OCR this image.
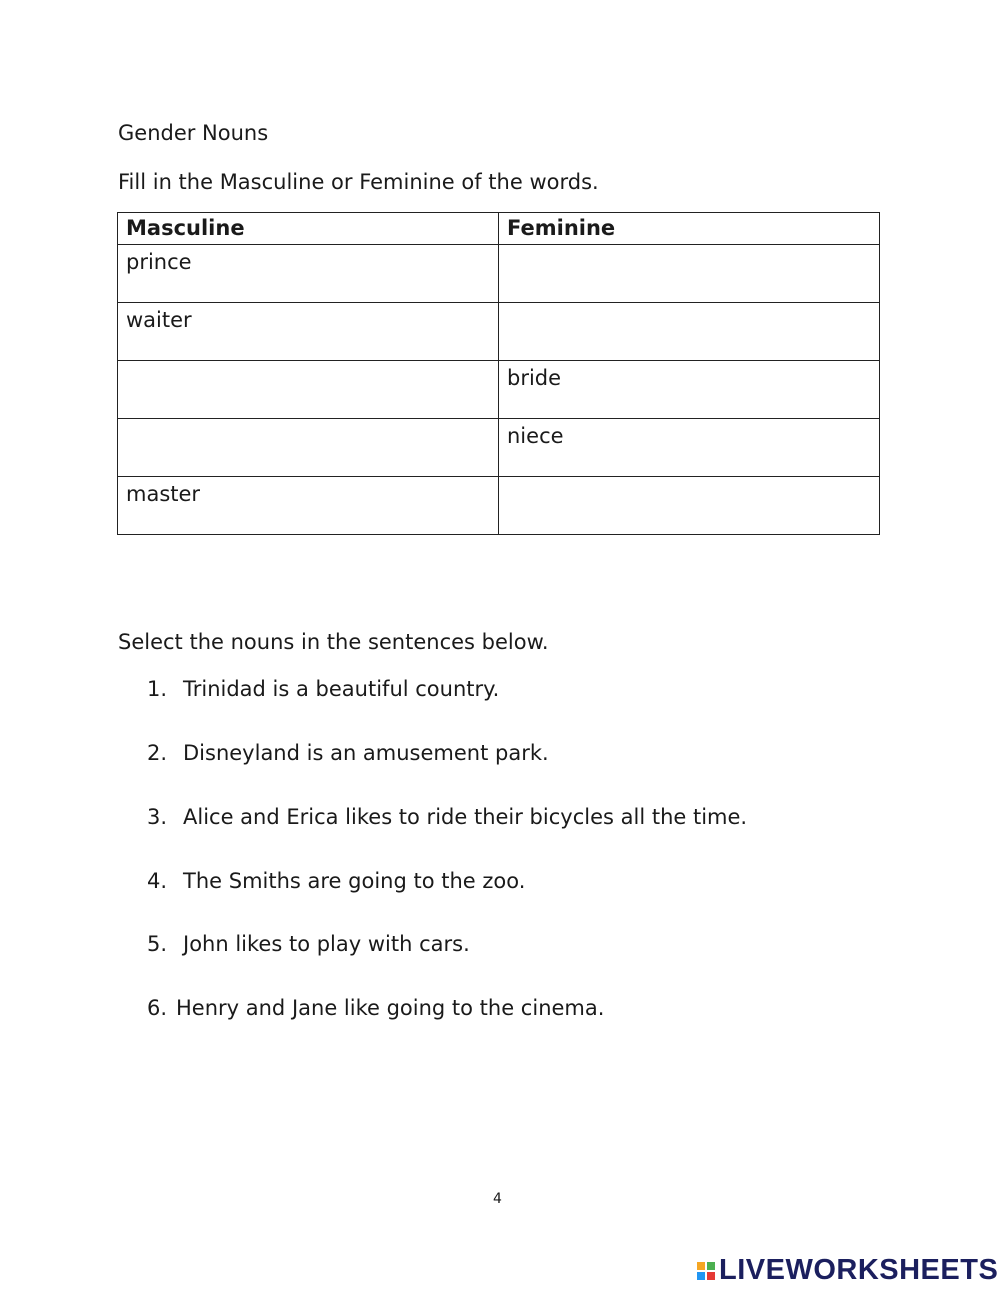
Gender Nouns
Fill in the Masculine or Feminine of the words.
Masculine	Feminine
prince	
waiter	
	bride
	niece
master	
Select the nouns in the sentences below.
1. Trinidad is a beautiful country.
2. Disneyland is an amusement park.
3. Alice and Erica likes to ride their bicycles all the time.
4. The Smiths are going to the zoo.
5. John likes to play with cars.
6. Henry and Jane like going to the cinema.
4
LIVEWORKSHEETS
